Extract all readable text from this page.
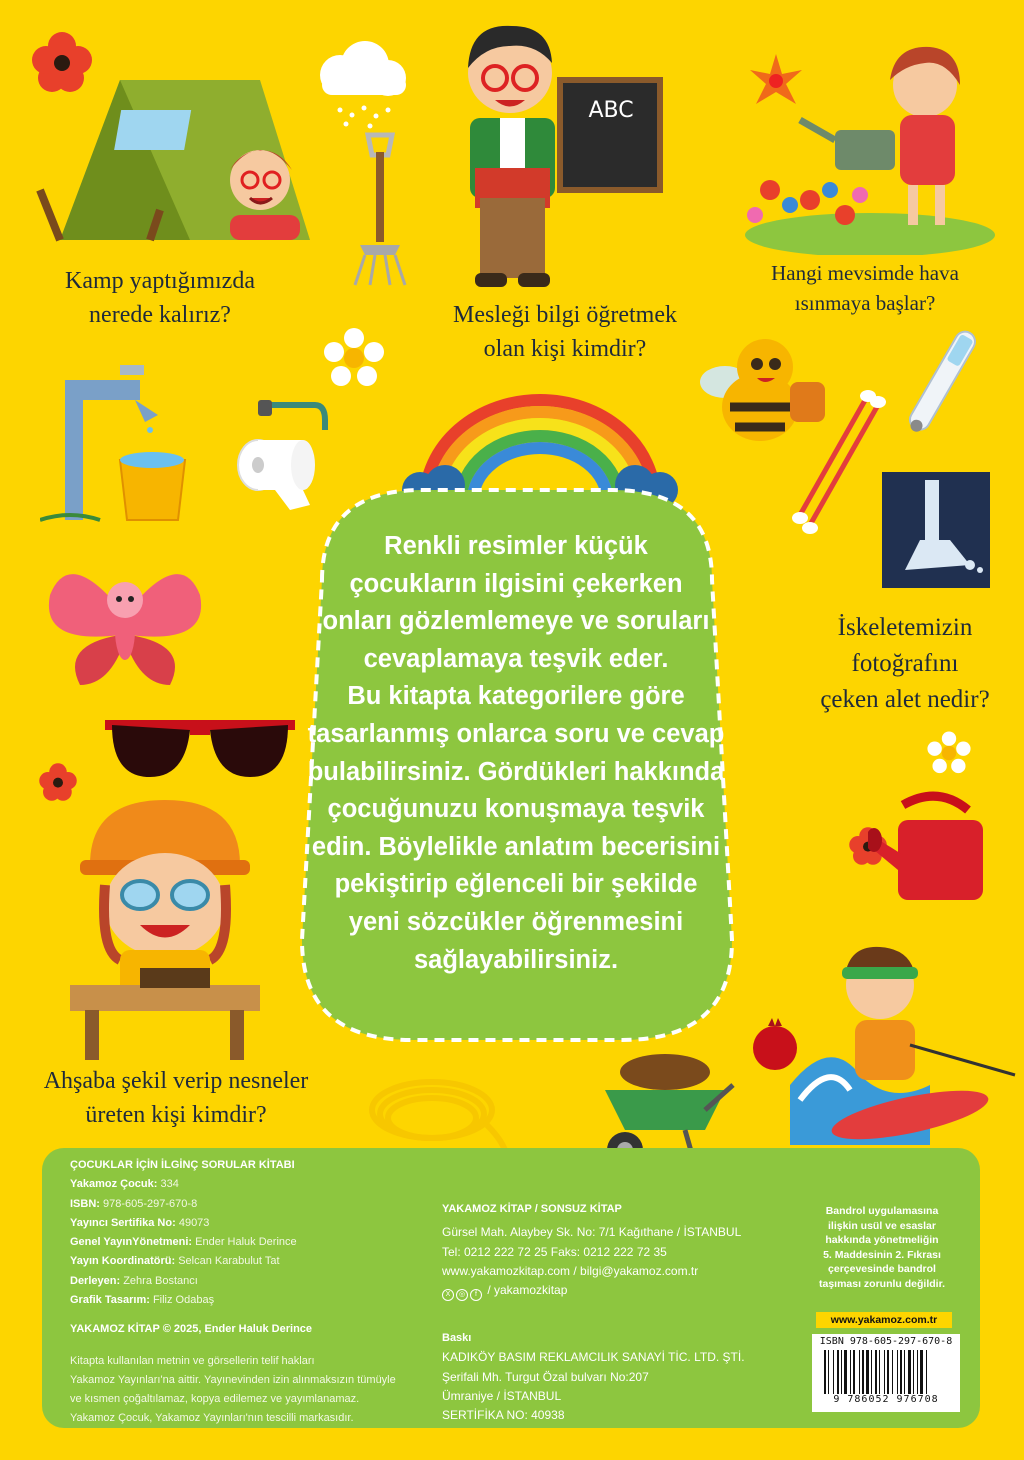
ABC
Kamp yaptığımızda
nerede kalırız?	Mesleği bilgi öğretmek
olan kişi kimdir?
Hangi mevsimde hava
ısınmaya başlar?
Renkli resimler küçük
çocukların ilgisini çekerken
onları gözlemlemeye ve soruları
cevaplamaya teşvik eder.
Bu kitapta kategorilere göre
tasarlanmış onlarca soru ve cevap
bulabilirsiniz. Gördükleri hakkında
çocuğunuzu konuşmaya teşvik
edin. Böylelikle anlatım becerisini
pekiştirip eğlenceli bir şekilde
yeni sözcükler öğrenmesini
sağlayabilirsiniz.
İskeletemizin
fotoğrafını
çeken alet nedir?
Ahşaba şekil verip nesneler
üreten kişi kimdir?
ÇOCUKLAR İÇİN İLGİNÇ SORULAR KİTABI
Yakamoz Çocuk: 334
ISBN: 978-605-297-670-8
Yayıncı Sertifika No: 49073
Genel YayınYönetmeni: Ender Haluk Derince
Yayın Koordinatörü: Selcan Karabulut Tat
Derleyen: Zehra Bostancı
Grafik Tasarım: Filiz Odabaş
YAKAMOZ KİTAP © 2025, Ender Haluk Derince
Kitapta kullanılan metnin ve görsellerin telif hakları
Yakamoz Yayınları'na aittir. Yayınevinden izin alınmaksızın tümüyle
ve kısmen çoğaltılamaz, kopya edilemez ve yayımlanamaz.
Yakamoz Çocuk, Yakamoz Yayınları'nın tescilli markasıdır.
YAKAMOZ KİTAP / SONSUZ KİTAP
Gürsel Mah. Alaybey Sk. No: 7/1 Kağıthane / İSTANBUL
Tel: 0212 222 72 25 Faks: 0212 222 72 35
www.yakamozkitap.com / bilgi@yakamoz.com.tr
X ◎ f / yakamozkitap
Baskı
KADIKÖY BASIM REKLAMCILIK SANAYİ TİC. LTD. ŞTİ.
Şerifali Mh. Turgut Özal bulvarı No:207
Ümraniye / İSTANBUL
SERTİFİKA NO: 40938
Bandrol uygulamasına
ilişkin usül ve esaslar
hakkında yönetmeliğin
5. Maddesinin 2. Fıkrası
çerçevesinde bandrol
taşıması zorunlu değildir.
www.yakamoz.com.tr
ISBN 978-605-297-670-8
9 786052 976708
